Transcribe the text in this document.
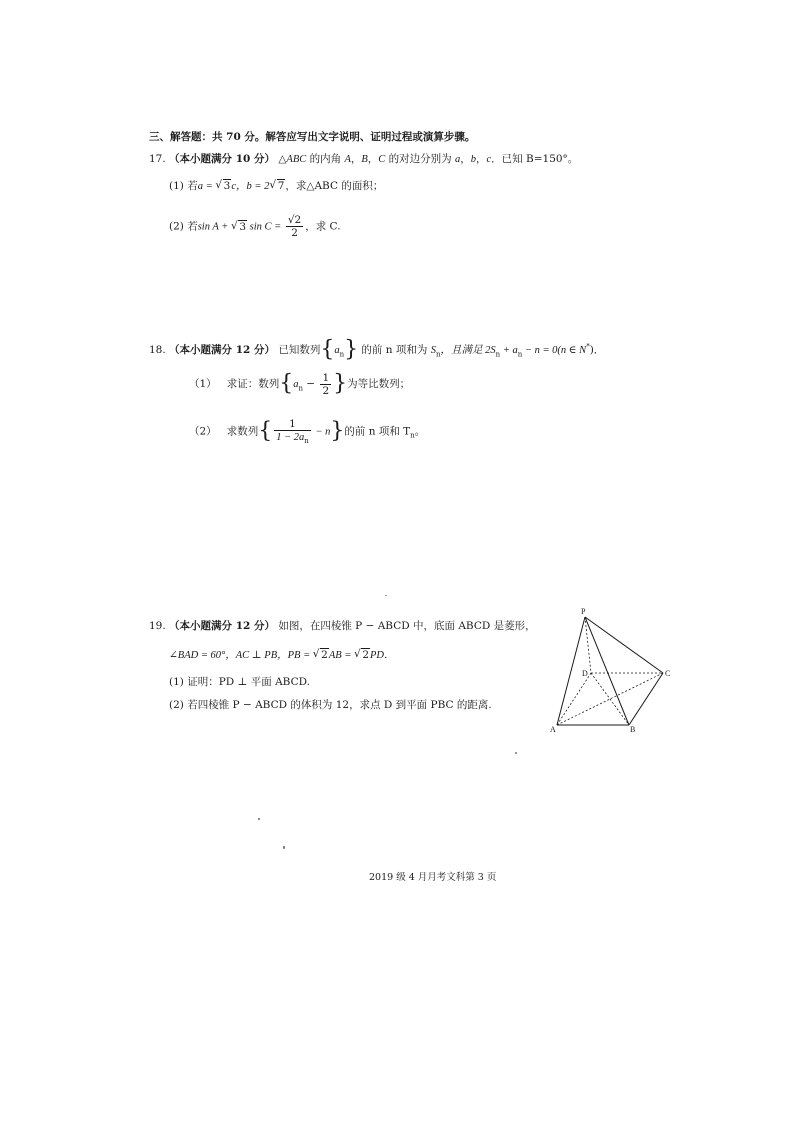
三、解答题：共 70 分。解答应写出文字说明、证明过程或演算步骤。
17. （本小题满分 10 分） △ABC 的内角 A，B，C 的对边分别为 a，b，c．已知 B=150°。
(1) 若a = √ 3c，b = 2√ 7，求△ABC 的面积；
(2) 若sin A + √ 3 $\sin C = \frac{√2}{2}$ ，求 C.
18. （本小题满分 12 分） 已知数列$\{a_n\}$ 的前 n 项和为 $S_n$，且满足 $2S_n + a_n - n = 0(n$ ∈ N*)．
（1） 求证：数列{$a_n - \frac{1}{2}$ }为等比数列；
（2） 求数列{ $\frac{1}{1 - 2a_n} - n$}的前 n 项和 $T_n$。
19. （本小题满分 12 分） 如图，在四棱锥 P − ABCD 中，底面 ABCD 是菱形，
∠BAD = 60°，AC ⊥ PB，PB = √ 2AB = √ 2PD．
(1) 证明：PD ⊥ 平面 ABCD.
(2) 若四棱锥 P − ABCD 的体积为 12，求点 D 到平面 PBC 的距离.
P
D	C
A	B
2019 级 4 月月考文科第 3 页
